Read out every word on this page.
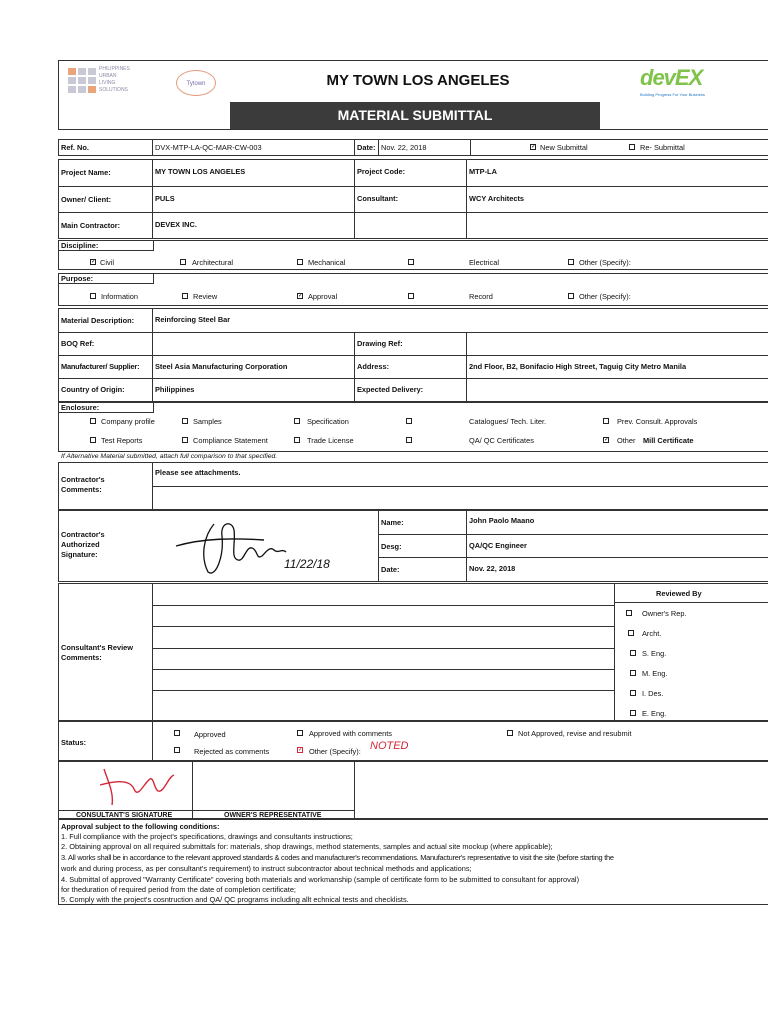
PHILIPPINES
URBAN
LIVING
SOLUTIONS
Tytown	MY TOWN LOS ANGELES
MATERIAL SUBMITTAL
devEX
Building Progress For Your Business
Ref. No.	DVX-MTP-LA-QC-MAR-CW-003	Date: Nov. 22, 2018	✓ New Submittal	Re- Submittal
Project Name:	MY TOWN LOS ANGELES	Project Code:	MTP-LA
Owner/ Client:	PULS	Consultant:	WCY Architects
Main Contractor:	DEVEX INC.
Discipline:
✓ Civil	Architectural	Mechanical	Electrical	Other (Specify):
Purpose:
Information	Review	✓ Approval	Record	Other (Specify):
Material Description:	Reinforcing Steel Bar
BOQ Ref:	Drawing Ref:
Manufacturer/ Supplier: Steel Asia Manufacturing Corporation	Address:	2nd Floor, B2, Bonifacio High Street, Taguig City Metro Manila
Country of Origin:	Philippines	Expected Delivery:
Enclosure:
Company profile	Samples	Specification	Catalogues/ Tech. Liter.	Prev. Consult. Approvals
Test Reports	Compliance Statement	Trade License	QA/ QC Certificates	✓ Other Mill Certificate
If Alternative Material submitted, attach full comparison to that specified.
Contractor's Comments:
Please see attachments.
Contractor's Authorized Signature:
11/22/18
Name:	John Paolo Maano
Desg:	QA/QC Engineer
Date:	Nov. 22, 2018
Consultant's Review Comments:
Reviewed By
Owner's Rep.
Archt.
S. Eng.
M. Eng.
I. Des.
E. Eng.
Status:
Approved	Approved with comments	Not Approved, revise and resubmit
Rejected as comments	✓ Other (Specify): NOTED
CONSULTANT'S SIGNATURE	OWNER'S REPRESENTATIVE
Approval subject to the following conditions:
1. Full compliance with the project's specifications, drawings and consultants instructions;
2. Obtaining approval on all required submittals for: materials, shop drawings, method statements, samples and actual site mockup (where applicable);
3. All works shall be in accordance to the relevant approved standards & codes and manufacturer's recommendations. Manufacturer's representative to visit the site (before starting the
work and during process, as per consultant's requirement) to instruct subcontractor about technical methods and applications;
4. Submittal of approved "Warranty Certificate" covering both materials and workmanship (sample of certificate form to be submitted to consultant for approval)
for theduration of required period from the date of completion certificate;
5. Comply with the project's cosntruction and QA/ QC programs including allt echnical tests and checklists.
